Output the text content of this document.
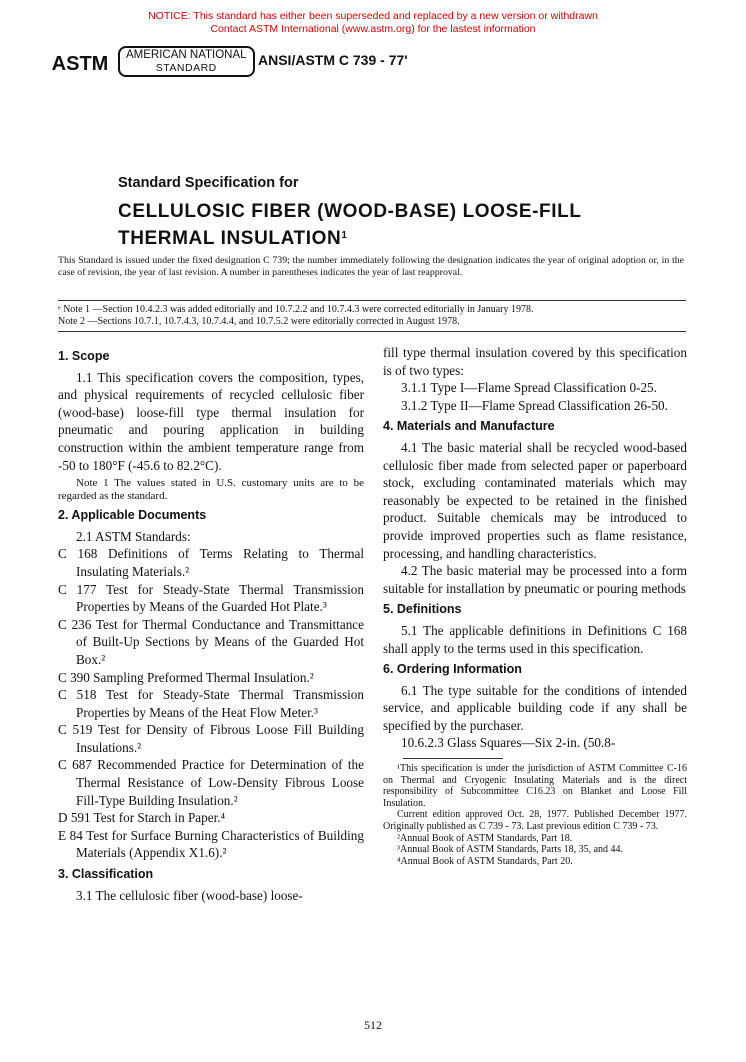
NOTICE: This standard has either been superseded and replaced by a new version or withdrawn
Contact ASTM International (www.astm.org) for the lastest information
ASTM AMERICAN NATIONAL
STANDARD	ANSI/ASTM C 739 - 77'
Standard Specification for
CELLULOSIC FIBER (WOOD-BASE) LOOSE-FILL
THERMAL INSULATION$^1$
This Standard is issued under the fixed designation C 739; the number immediately following the designation indicates the year of original adoption or, in the case of revision, the year of last revision. A number in parentheses indicates the year of last reapproval.
ᵉ Note 1 —Section 10.4.2.3 was added editorially and 10.7.2.2 and 10.7.4.3 were corrected editorially in January 1978.
Note 2 —Sections 10.7.1, 10.7.4.3, 10.7.4.4, and 10.7.5.2 were editorially corrected in August 1978.

1. Scope

1.1 This specification covers the composition, types, and physical requirements of recycled cellulosic fiber (wood-base) loose-fill type thermal insulation for pneumatic and pouring application in building construction within the ambient temperature range from -50 to 180°F (-45.6 to 82.2°C).

Note 1 The values stated in U.S. customary units are to be regarded as the standard.

2. Applicable Documents

2.1 ASTM Standards:

C 168 Definitions of Terms Relating to Thermal Insulating Materials.²

C 177 Test for Steady-State Thermal Transmission Properties by Means of the Guarded Hot Plate.³

C 236 Test for Thermal Conductance and Transmittance of Built-Up Sections by Means of the Guarded Hot Box.²

C 390 Sampling Preformed Thermal Insulation.²

C 518 Test for Steady-State Thermal Transmission Properties by Means of the Heat Flow Meter.³

C 519 Test for Density of Fibrous Loose Fill Building Insulations.²

C 687 Recommended Practice for Determination of the Thermal Resistance of Low-Density Fibrous Loose Fill-Type Building Insulation.²

D 591 Test for Starch in Paper.⁴

E 84 Test for Surface Burning Characteristics of Building Materials (Appendix X1.6).²

3. Classification

3.1 The cellulosic fiber (wood-base) loose-

fill type thermal insulation covered by this specification is of two types:

3.1.1 Type I—Flame Spread Classification 0-25.

3.1.2 Type II—Flame Spread Classification 26-50.

4. Materials and Manufacture

4.1 The basic material shall be recycled wood-based cellulosic fiber made from selected paper or paperboard stock, excluding contaminated materials which may reasonably be expected to be retained in the finished product. Suitable chemicals may be introduced to provide improved properties such as flame resistance, processing, and handling characteristics.

4.2 The basic material may be processed into a form suitable for installation by pneumatic or pouring methods

5. Definitions

5.1 The applicable definitions in Definitions C 168 shall apply to the terms used in this specification.

6. Ordering Information

6.1 The type suitable for the conditions of intended service, and applicable building code if any shall be specified by the purchaser.

10.6.2.3 Glass Squares—Six 2-in. (50.8-

¹This specification is under the jurisdiction of ASTM Committee C-16 on Thermal and Cryogenic Insulating Materials and is the direct responsibility of Subcommittee C16.23 on Blanket and Loose Fill Insulation.

Current edition approved Oct. 28, 1977. Published December 1977. Originally published as C 739 - 73. Last previous edition C 739 - 73.

²Annual Book of ASTM Standards, Part 18.

³Annual Book of ASTM Standards, Parts 18, 35, and 44.

⁴Annual Book of ASTM Standards, Part 20.

512
